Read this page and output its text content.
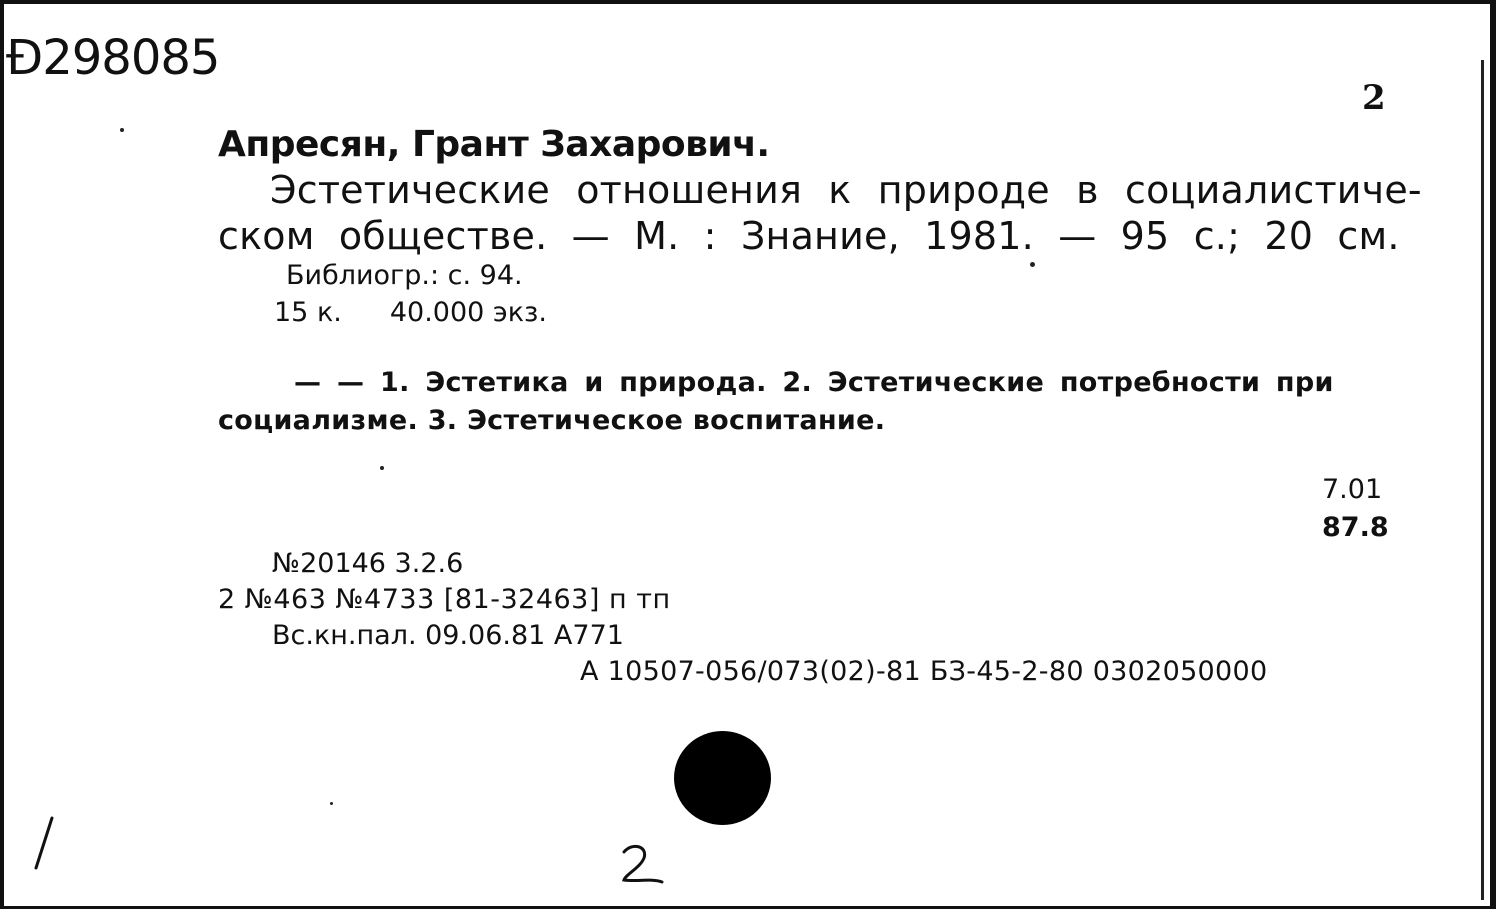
Ð298085
2
Апресян, Грант Захарович.
Эстетические отношения к природе в социалистиче-
ском обществе. — М. : Знание, 1981. — 95 с.; 20 см.
Библиогр.: с. 94.
15 к. 40.000 экз.
— — 1. Эстетика и природа. 2. Эстетические потребности при
социализме. 3. Эстетическое воспитание.
7.01
87.8
№20146 3.2.6
2 №463 №4733 [81-32463] п тп
Вс.кн.пал. 09.06.81 А771
А 10507-056/073(02)-81 БЗ-45-2-80 0302050000
